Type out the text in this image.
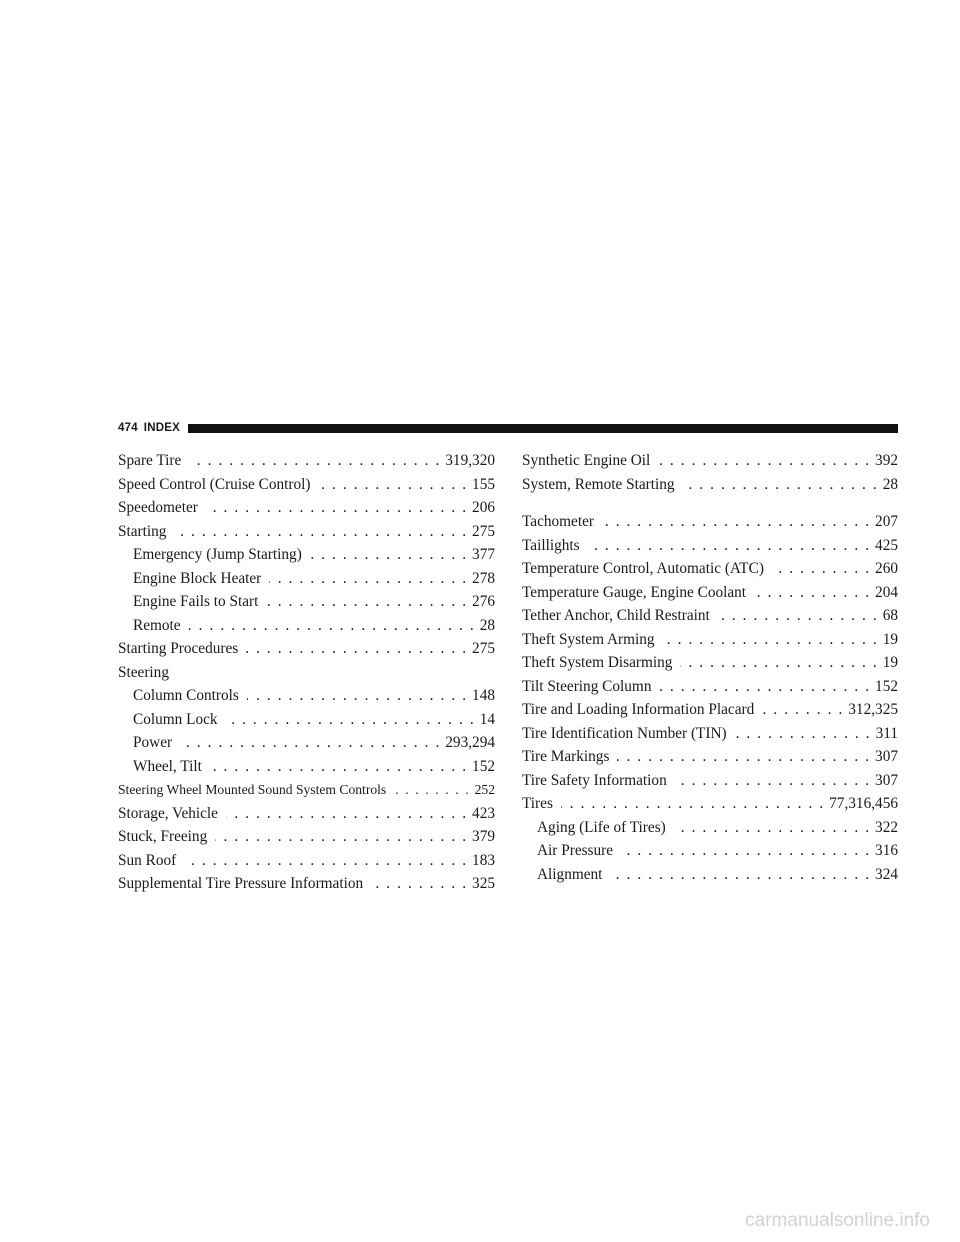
474 INDEX
Spare Tire . . .	319,320
Speed Control (Cruise Control) . . .	155
Speedometer . . .	206
Starting . . .	275
Emergency (Jump Starting) . . .	377
Engine Block Heater . . .	278
Engine Fails to Start . . .	276
Remote . . .	28
Starting Procedures . . .	275
Steering
Column Controls . . .	148
Column Lock . . .	14
Power . . .	293,294
Wheel, Tilt . . .	152
Steering Wheel Mounted Sound System Controls . . .	252
Storage, Vehicle . . .	423
Stuck, Freeing . . .	379
Sun Roof . . .	183
Supplemental Tire Pressure Information . . .	325
Synthetic Engine Oil . . .	392
System, Remote Starting . . .	28
Tachometer . . .	207
Taillights . . .	425
Temperature Control, Automatic (ATC) . . .	260
Temperature Gauge, Engine Coolant . . .	204
Tether Anchor, Child Restraint . . .	68
Theft System Arming . . .	19
Theft System Disarming . . .	19
Tilt Steering Column . . .	152
Tire and Loading Information Placard . . .	312,325
Tire Identification Number (TIN) . . .	311
Tire Markings . . .	307
Tire Safety Information . . .	307
Tires . . .	77,316,456
Aging (Life of Tires) . . .	322
Air Pressure . . .	316
Alignment . . .	324
carmanualsonline.info
